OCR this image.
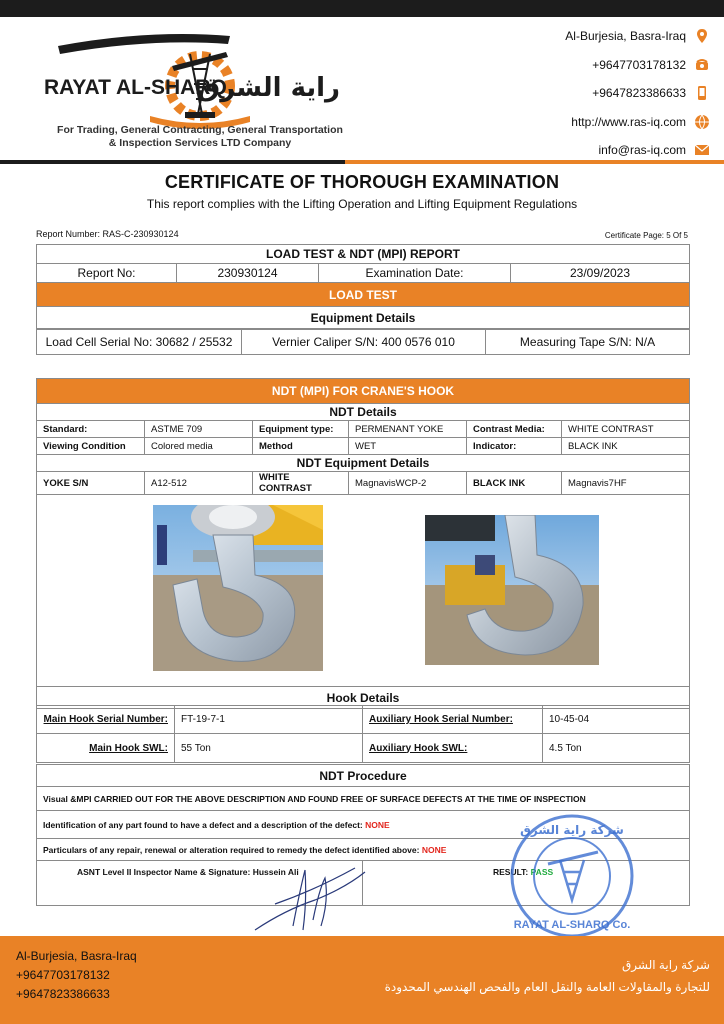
RAYAT AL-SHARQ
راية الشرق
For Trading, General Contracting, General Transportation
& Inspection Services LTD Company
Al-Burjesia, Basra-Iraq
+9647703178132
+9647823386633
http://www.ras-iq.com
info@ras-iq.com
CERTIFICATE OF THOROUGH EXAMINATION
This report complies with the Lifting Operation and Lifting Equipment Regulations
Report Number: RAS-C-230930124	Certificate Page: 5 Of 5
LOAD TEST & NDT (MPI) REPORT
Report No:	230930124	Examination Date:	23/09/2023
LOAD TEST
Equipment Details
Load Cell Serial No: 30682 / 25532	Vernier Caliper S/N: 400 0576 010	Measuring Tape S/N: N/A
NDT (MPI) FOR CRANE'S HOOK					
NDT Details					
Standard:	ASTME 709	Equipment type:	PERMENANT YOKE	Contrast Media:	WHITE CONTRAST
Viewing Condition	Colored media	Method	WET	Indicator:	BLACK INK
NDT Equipment Details					
YOKE S/N	A12-512	WHITE CONTRAST	MagnavisWCP-2	BLACK INK	Magnavis7HF

Hook Details					
Main Hook Serial Number:	FT-19-7-1	Auxiliary Hook Serial Number:	10-45-04
Main Hook SWL:	55 Ton	Auxiliary Hook SWL:	4.5 Ton
NDT Procedure
Visual &MPI CARRIED OUT FOR THE ABOVE DESCRIPTION AND FOUND FREE OF SURFACE DEFECTS AT THE TIME OF INSPECTION
Identification of any part found to have a defect and a description of the defect: NONE
Particulars of any repair, renewal or alteration required to remedy the defect identified above: NONE
ASNT Level II Inspector Name & Signature: Hussein Ali	RESULT: PASS
شركة راية الشرق
RAYAT AL-SHARQ Co.
Al-Burjesia, Basra-Iraq
+9647703178132
+9647823386633
شركة راية الشرق
للتجارة والمقاولات العامة والنقل العام والفحص الهندسي المحدودة
